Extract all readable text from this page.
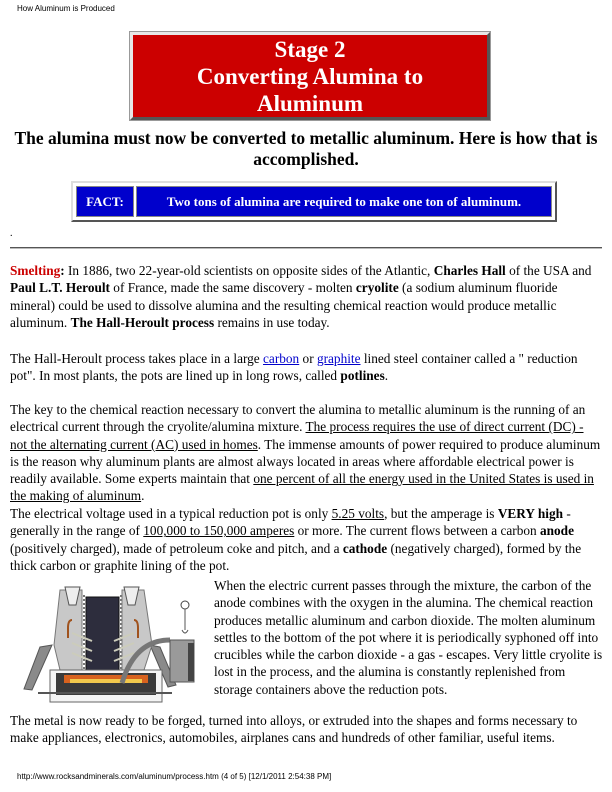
How Aluminum is Produced
Stage 2
Converting Alumina to
Aluminum
The alumina must now be converted to metallic aluminum. Here is how that is accomplished.
FACT:	Two tons of alumina are required to make one ton of aluminum.
.
Smelting: In 1886, two 22-year-old scientists on opposite sides of the Atlantic, Charles Hall of the USA and Paul L.T. Heroult of France, made the same discovery - molten cryolite (a sodium aluminum fluoride mineral) could be used to dissolve alumina and the resulting chemical reaction would produce metallic aluminum. The Hall-Heroult process remains in use today.
The Hall-Heroult process takes place in a large carbon or graphite lined steel container called a " reduction pot". In most plants, the pots are lined up in long rows, called potlines.
The key to the chemical reaction necessary to convert the alumina to metallic aluminum is the running of an electrical current through the cryolite/alumina mixture. The process requires the use of direct current (DC) - not the alternating current (AC) used in homes. The immense amounts of power required to produce aluminum is the reason why aluminum plants are almost always located in areas where affordable electrical power is readily available. Some experts maintain that one percent of all the energy used in the United States is used in the making of aluminum.
The electrical voltage used in a typical reduction pot is only 5.25 volts, but the amperage is VERY high - generally in the range of 100,000 to 150,000 amperes or more. The current flows between a carbon anode (positively charged), made of petroleum coke and pitch, and a cathode (negatively charged), formed by the thick carbon or graphite lining of the pot.
When the electric current passes through the mixture, the carbon of the anode combines with the oxygen in the alumina. The chemical reaction produces metallic aluminum and carbon dioxide. The molten aluminum settles to the bottom of the pot where it is periodically syphoned off into crucibles while the carbon dioxide - a gas - escapes. Very little cryolite is lost in the process, and the alumina is constantly replenished from storage containers above the reduction pots.
The metal is now ready to be forged, turned into alloys, or extruded into the shapes and forms necessary to make appliances, electronics, automobiles, airplanes cans and hundreds of other familiar, useful items.
http://www.rocksandminerals.com/aluminum/process.htm (4 of 5) [12/1/2011 2:54:38 PM]
